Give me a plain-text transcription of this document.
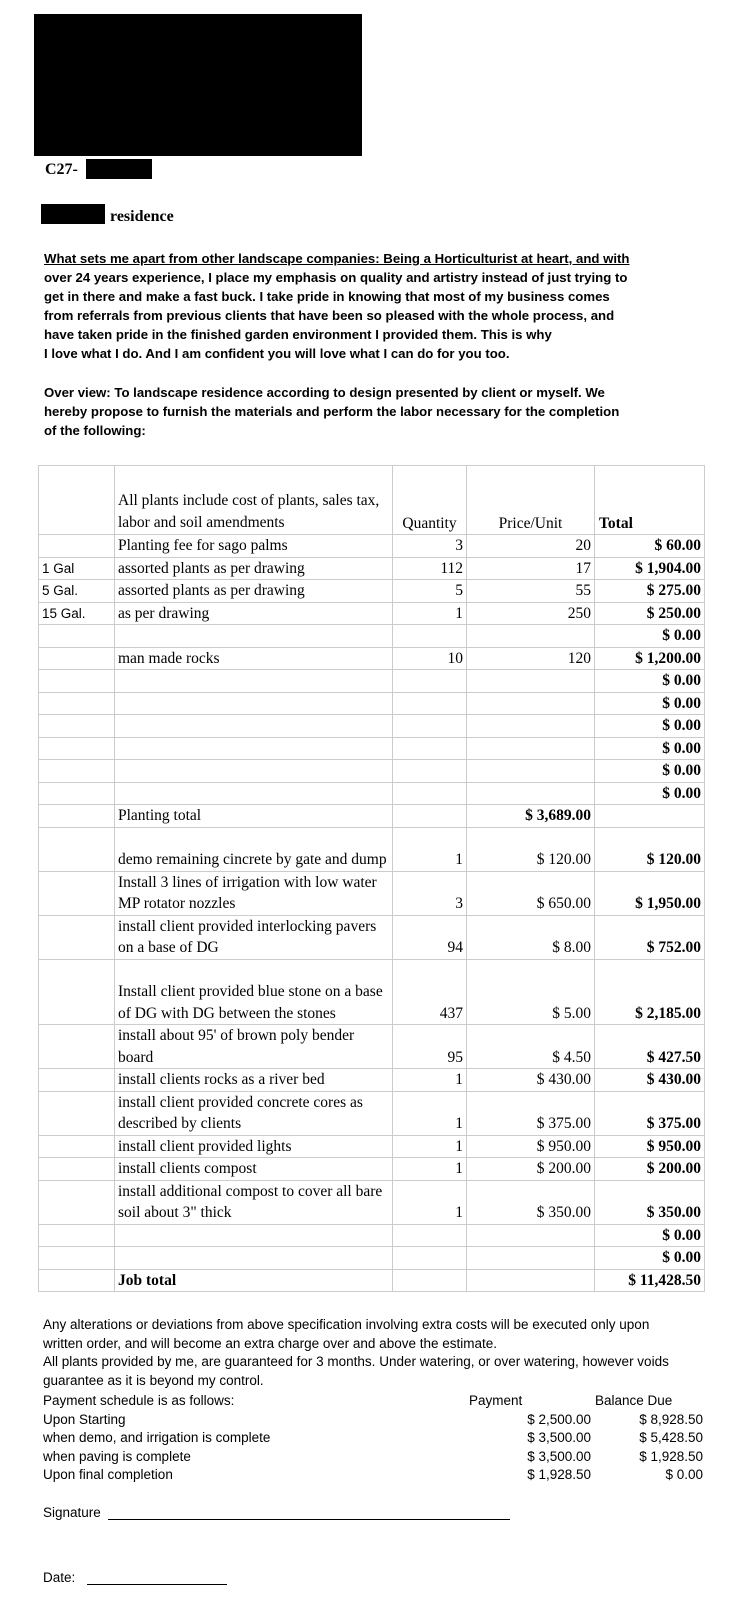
C27-
residence
What sets me apart from other landscape companies: Being a Horticulturist at heart, and with
over 24 years experience, I place my emphasis on quality and artistry instead of just trying to
get in there and make a fast buck. I take pride in knowing that most of my business comes
from referrals from previous clients that have been so pleased with the whole process, and
have taken pride in the finished garden environment I provided them. This is why
I love what I do. And I am confident you will love what I can do for you too.
Over view: To landscape residence according to design presented by client or myself. We
hereby propose to furnish the materials and perform the labor necessary for the completion
of the following:
	All plants include cost of plants, sales tax, labor and soil amendments	Quantity	Price/Unit	Total
	Planting fee for sago palms	3	20	$ 60.00
1 Gal	assorted plants as per drawing	112	17	$ 1,904.00
5 Gal.	assorted plants as per drawing	5	55	$ 275.00
15 Gal.	as per drawing	1	250	$ 250.00
				$ 0.00
	man made rocks	10	120	$ 1,200.00
				$ 0.00
				$ 0.00
				$ 0.00
				$ 0.00
				$ 0.00
				$ 0.00
	Planting total		$ 3,689.00	
	demo remaining cincrete by gate and dump	1	$ 120.00	$ 120.00
	Install 3 lines of irrigation with low water MP rotator nozzles	3	$ 650.00	$ 1,950.00
	install client provided interlocking pavers on a base of DG	94	$ 8.00	$ 752.00
	Install client provided blue stone on a base of DG with DG between the stones	437	$ 5.00	$ 2,185.00
	install about 95' of brown poly bender board	95	$ 4.50	$ 427.50
	install clients rocks as a river bed	1	$ 430.00	$ 430.00
	install client provided concrete cores as described by clients	1	$ 375.00	$ 375.00
	install client provided lights	1	$ 950.00	$ 950.00
	install clients compost	1	$ 200.00	$ 200.00
	install additional compost to cover all bare soil about 3" thick	1	$ 350.00	$ 350.00
				$ 0.00
				$ 0.00
	Job total			$ 11,428.50
Any alterations or deviations from above specification involving extra costs will be executed only upon
written order, and will become an extra charge over and above the estimate.
All plants provided by me, are guaranteed for 3 months. Under watering, or over watering, however voids
guarantee as it is beyond my control.
Payment schedule is as follows:	Payment	Balance Due
Upon Starting	$ 2,500.00	$ 8,928.50
when demo, and irrigation is complete	$ 3,500.00	$ 5,428.50
when paving is complete	$ 3,500.00	$ 1,928.50
Upon final completion	$ 1,928.50	$ 0.00
Signature
Date:
